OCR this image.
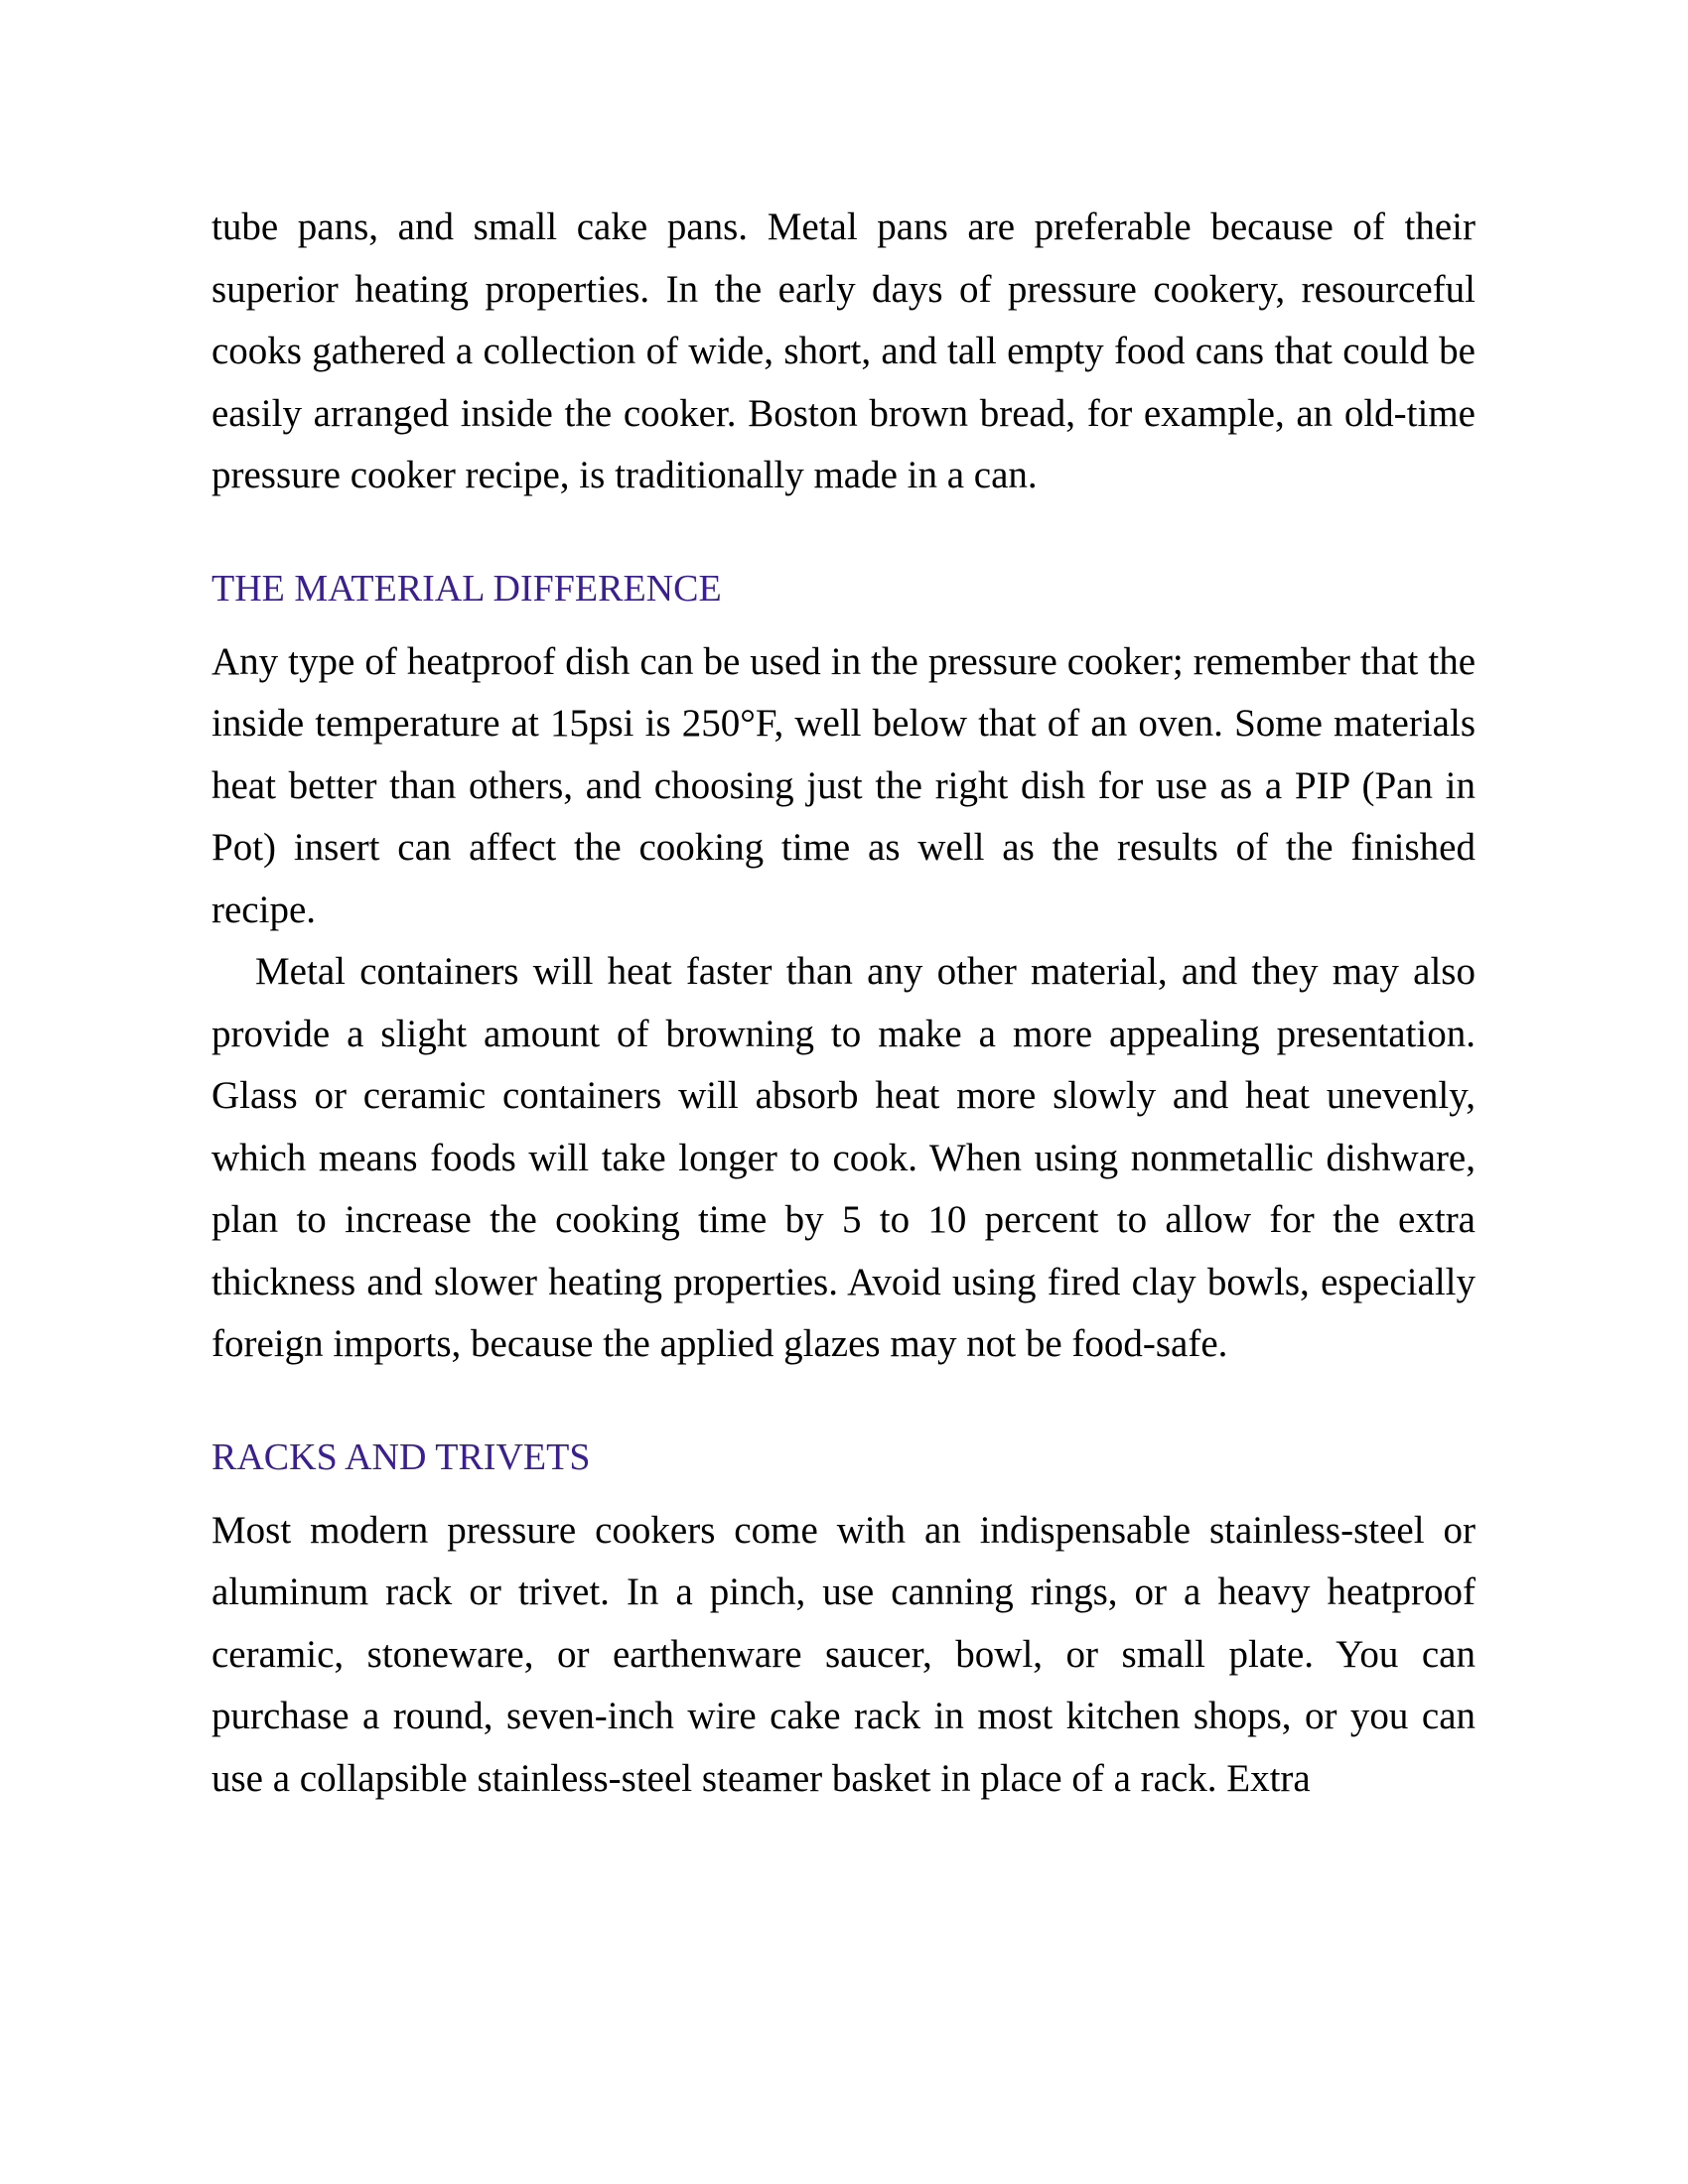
tube pans, and small cake pans. Metal pans are preferable because of their superior heating properties. In the early days of pressure cookery, resourceful cooks gathered a collection of wide, short, and tall empty food cans that could be easily arranged inside the cooker. Boston brown bread, for example, an old-time pressure cooker recipe, is traditionally made in a can.

THE MATERIAL DIFFERENCE

Any type of heatproof dish can be used in the pressure cooker; remember that the inside temperature at 15psi is 250°F, well below that of an oven. Some materials heat better than others, and choosing just the right dish for use as a PIP (Pan in Pot) insert can affect the cooking time as well as the results of the finished recipe.

Metal containers will heat faster than any other material, and they may also provide a slight amount of browning to make a more appealing presentation. Glass or ceramic containers will absorb heat more slowly and heat unevenly, which means foods will take longer to cook. When using nonmetallic dishware, plan to increase the cooking time by 5 to 10 percent to allow for the extra thickness and slower heating properties. Avoid using fired clay bowls, especially foreign imports, because the applied glazes may not be food-safe.

RACKS AND TRIVETS

Most modern pressure cookers come with an indispensable stainless-steel or aluminum rack or trivet. In a pinch, use canning rings, or a heavy heatproof ceramic, stoneware, or earthenware saucer, bowl, or small plate. You can purchase a round, seven-inch wire cake rack in most kitchen shops, or you can use a collapsible stainless-steel steamer basket in place of a rack. Extra
